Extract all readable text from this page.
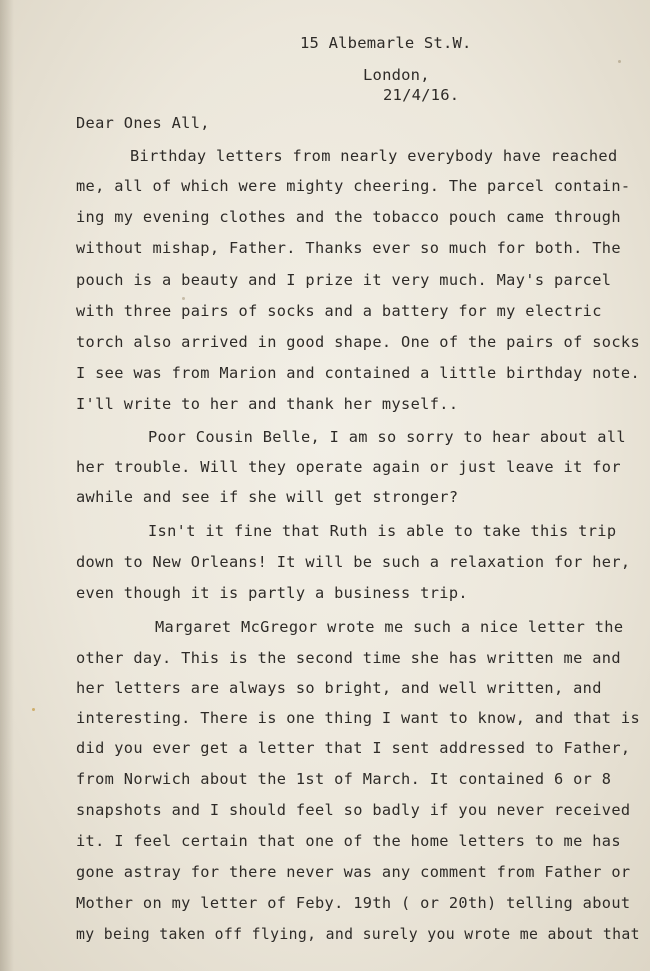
15 Albemarle St.W.
London,
21/4/16.
Dear Ones All,
Birthday letters from nearly everybody have reached
me, all of which were mighty cheering. The parcel contain-
ing my evening clothes and the tobacco pouch came through
without mishap, Father. Thanks ever so much for both. The
pouch is a beauty and I prize it very much. May's parcel
with three pairs of socks and a battery for my electric
torch also arrived in good shape. One of the pairs of socks
I see was from Marion and contained a little birthday note.
I'll write to her and thank her myself..
Poor Cousin Belle, I am so sorry to hear about all
her trouble. Will they operate again or just leave it for
awhile and see if she will get stronger?
Isn't it fine that Ruth is able to take this trip
down to New Orleans! It will be such a relaxation for her,
even though it is partly a business trip.
Margaret McGregor wrote me such a nice letter the
other day. This is the second time she has written me and
her letters are always so bright, and well written, and
interesting. There is one thing I want to know, and that is
did you ever get a letter that I sent addressed to Father,
from Norwich about the 1st of March. It contained 6 or 8
snapshots and I should feel so badly if you never received
it. I feel certain that one of the home letters to me has
gone astray for there never was any comment from Father or
Mother on my letter of Feby. 19th ( or 20th) telling about
my being taken off flying, and surely you wrote me about that
